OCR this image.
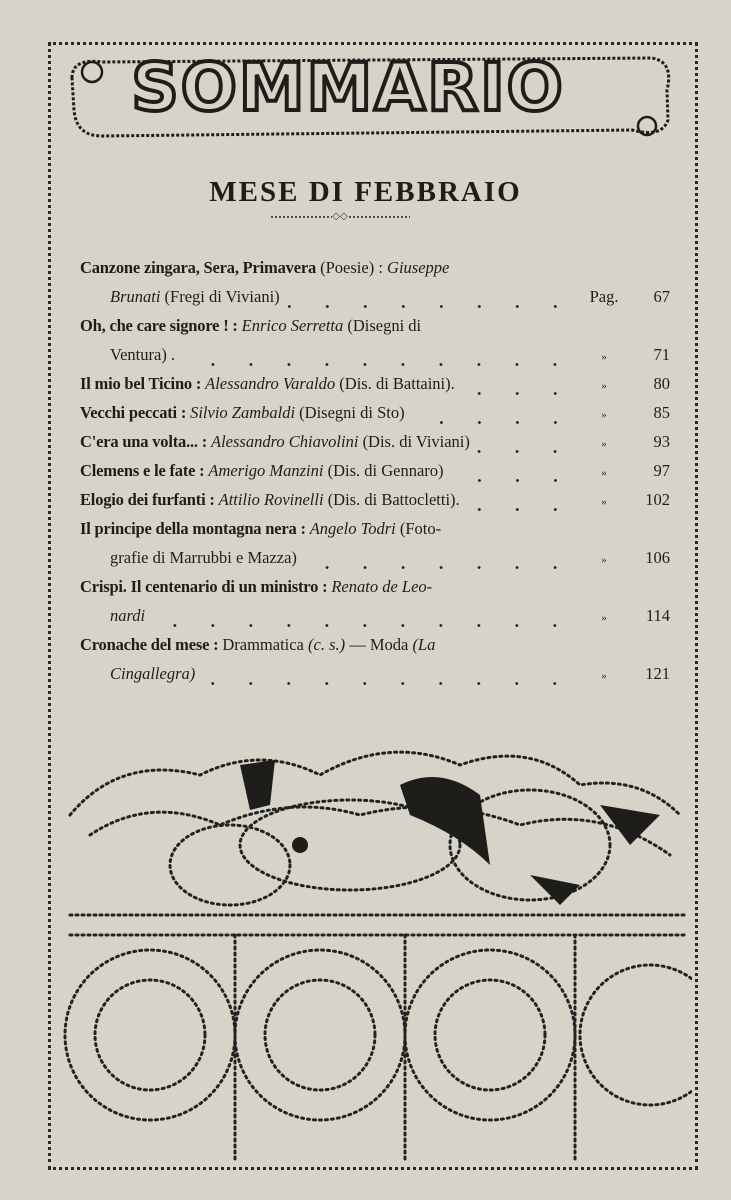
SOMMARIO
MESE DI FEBBRAIO
◇◇
Canzone zingara, Sera, Primavera (Poesie) : Giuseppe
Brunati (Fregi di Viviani)	Pag.	67
Oh, che care signore ! : Enrico Serretta (Disegni di
Ventura) .	»	71
Il mio bel Ticino : Alessandro Varaldo (Dis. di Battaini).	»	80
Vecchi peccati : Silvio Zambaldi (Disegni di Sto)	»	85
C'era una volta... : Alessandro Chiavolini (Dis. di Viviani)	»	93
Clemens e le fate : Amerigo Manzini (Dis. di Gennaro)	»	97
Elogio dei furfanti : Attilio Rovinelli (Dis. di Battocletti).	»	102
Il principe della montagna nera : Angelo Todri (Foto-
grafie di Marrubbi e Mazza)	»	106
Crispi. Il centenario di un ministro : Renato de Leo-
nardi	»	114
Cronache del mese : Drammatica (c. s.) — Moda (La
Cingallegra)	»	121
